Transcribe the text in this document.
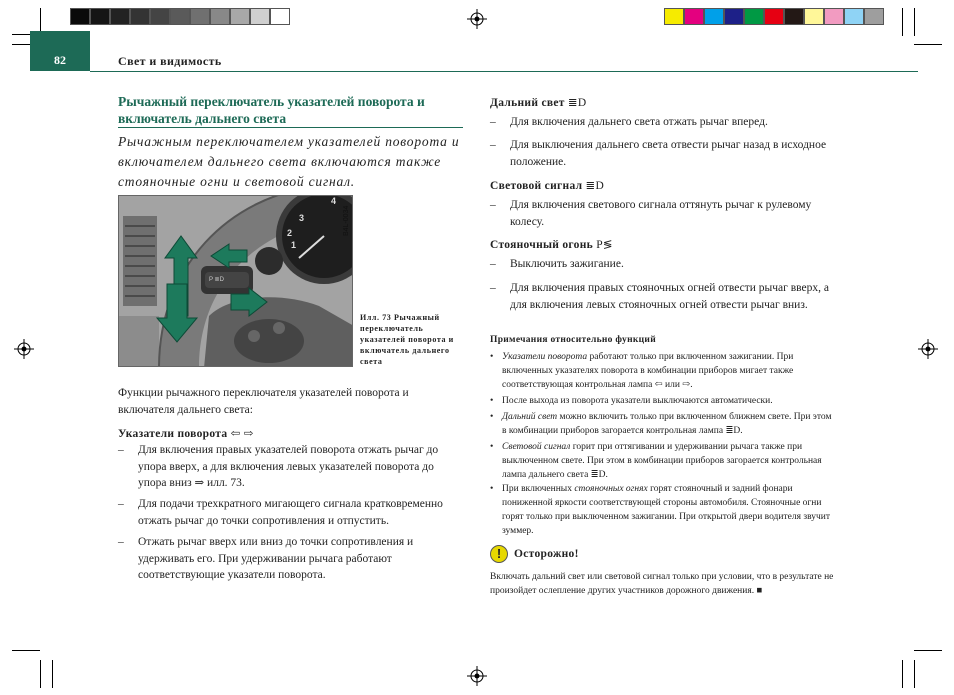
82	Свет и видимость
Рычажный переключатель указателей поворота и включатель дальнего света
Рычажным переключателем указателей поворота и включателем дальнего света включаются также стояночные огни и световой сигнал.
4
3
2
1
P ≣D
B4L-0034
Илл. 73 Рычажный переключатель указателей поворота и включатель дальнего света
Функции рычажного переключателя указателей поворота и включателя дальнего света:
Указатели поворота ⇦ ⇨
– Для включения правых указателей поворота отжать рычаг до упора вверх, а для включения левых указателей поворота до упора вниз ⇒ илл. 73.
– Для подачи трехкратного мигающего сигнала кратковременно отжать рычаг до точки сопротивления и отпустить.
– Отжать рычаг вверх или вниз до точки сопротивления и удерживать его. При удерживании рычага работают соответствующие указатели поворота.
Дальний свет ≣D
– Для включения дальнего света отжать рычаг вперед.
– Для выключения дальнего света отвести рычаг назад в исходное положение.
Световой сигнал ≣D
– Для включения светового сигнала оттянуть рычаг к рулевому колесу.
Стояночный огонь P≶
– Выключить зажигание.
– Для включения правых стояночных огней отвести рычаг вверх, а для включения левых стояночных огней отвести рычаг вниз.
Примечания относительно функций
• Указатели поворота работают только при включенном зажигании. При включенных указателях поворота в комбинации приборов мигает также соответствующая контрольная лампа ⇦ или ⇨.
• После выхода из поворота указатели выключаются автоматически.
• Дальний свет можно включить только при включенном ближнем свете. При этом в комбинации приборов загорается контрольная лампа ≣D.
• Световой сигнал горит при оттягивании и удерживании рычага также при выключенном свете. При этом в комбинации приборов загорается контрольная лампа дальнего света ≣D.
• При включенных стояночных огнях горят стояночный и задний фонари пониженной яркости соответствующей стороны автомобиля. Стояночные огни горят только при выключенном зажигании. При открытой двери водителя звучит зуммер.
!	Осторожно!
Включать дальний свет или световой сигнал только при условии, что в результате не произойдет ослепление других участников дорожного движения. ■
